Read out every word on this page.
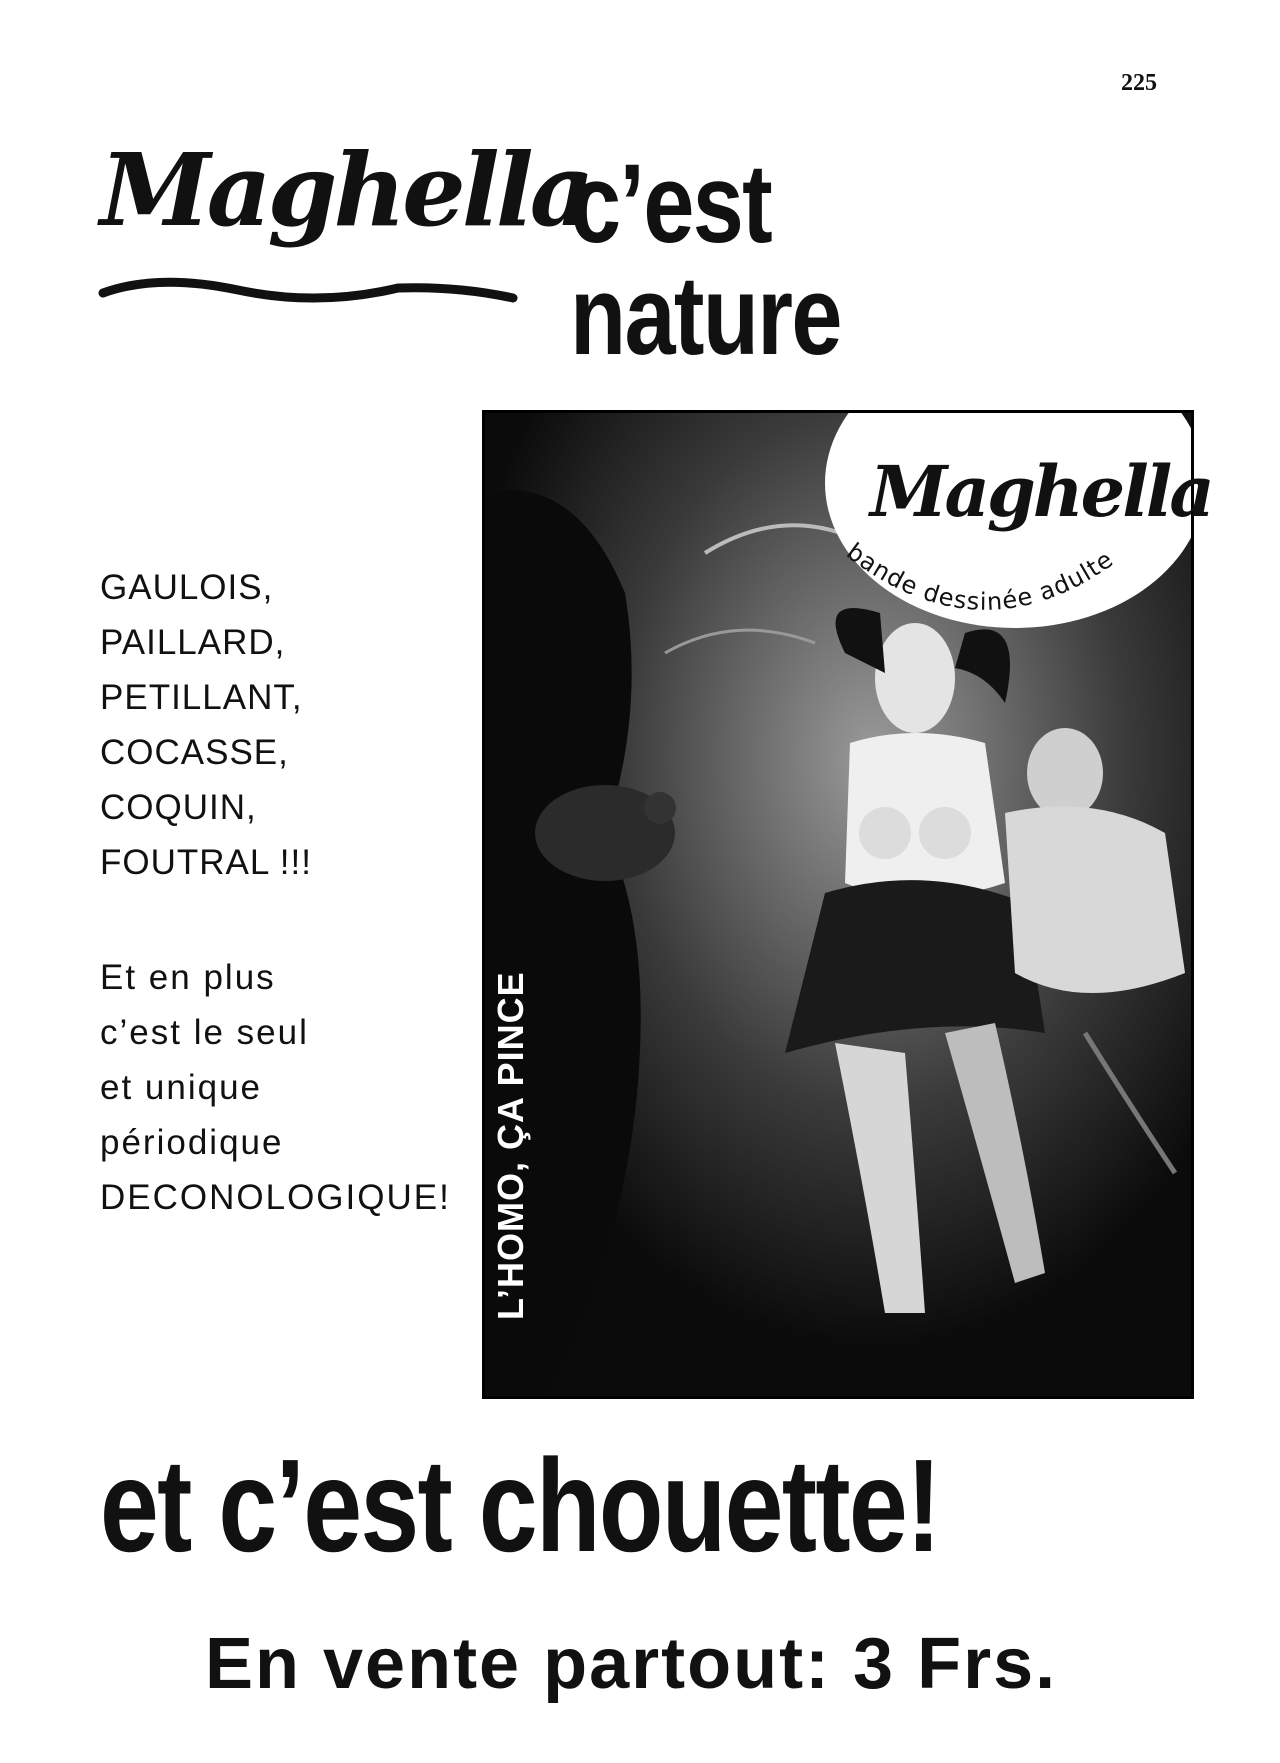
225
Maghella
c’est nature
GAULOIS,
PAILLARD,
PETILLANT,
COCASSE,
COQUIN,
FOUTRAL !!!
Et en plus
c’est le seul
et unique
périodique
DECONOLOGIQUE!
Maghella
bande dessinée adulte
L’HOMO, ÇA PINCE
et c’est chouette!
En vente partout: 3 Frs.
